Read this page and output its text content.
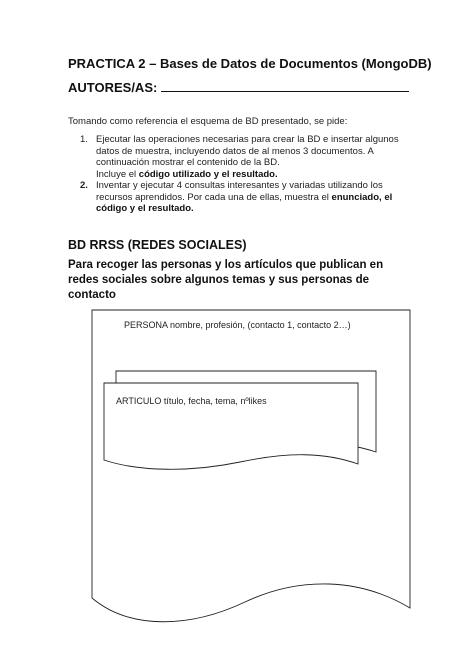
PRACTICA 2 – Bases de Datos de Documentos (MongoDB)
AUTORES/AS:
Tomando como referencia el esquema de BD presentado, se pide:
1. Ejecutar las operaciones necesarias para crear la BD e insertar algunos datos de muestra, incluyendo datos de al menos 3 documentos. A continuación mostrar el contenido de la BD.
Incluye el código utilizado y el resultado.
2. Inventar y ejecutar 4 consultas interesantes y variadas utilizando los recursos aprendidos. Por cada una de ellas, muestra el enunciado, el código y el resultado.
BD RRSS (REDES SOCIALES)
Para recoger las personas y los artículos que publican en redes sociales sobre algunos temas y sus personas de contacto
PERSONA nombre, profesión, (contacto 1, contacto 2…)
ARTICULO título, fecha, tema, nºlikes
